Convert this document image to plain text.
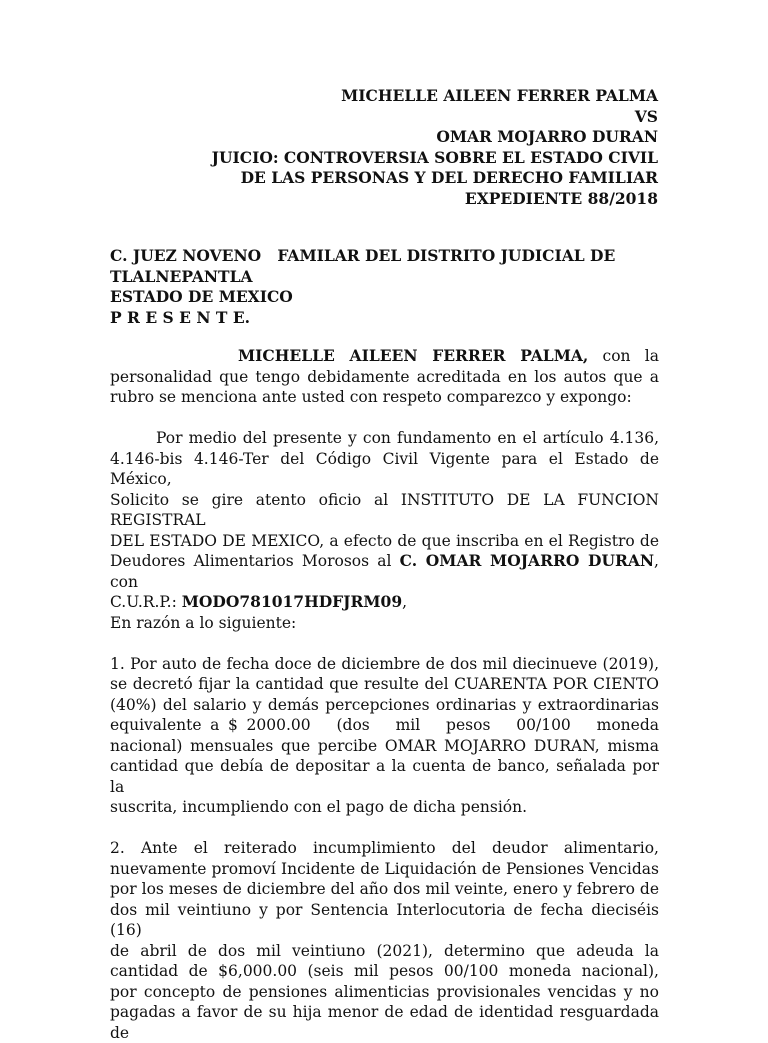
MICHELLE AILEEN FERRER PALMA
VS
OMAR MOJARRO DURAN
JUICIO: CONTROVERSIA SOBRE EL ESTADO CIVIL
DE LAS PERSONAS Y DEL DERECHO FAMILIAR
EXPEDIENTE 88/2018
C. JUEZ NOVENO   FAMILAR DEL DISTRITO JUDICIAL DE
TLALNEPANTLA
ESTADO DE MEXICO
P R E S E N T E.

MICHELLE AILEEN FERRER PALMA, con la
personalidad que tengo debidamente acreditada en los autos que a
rubro se menciona ante usted con respeto comparezco y expongo:

Por medio del presente y con fundamento en el artículo 4.136,
4.146-bis 4.146-Ter del Código Civil Vigente para el Estado de México,
Solicito se gire atento oficio al INSTITUTO DE LA FUNCION REGISTRAL
DEL ESTADO DE MEXICO, a efecto de que inscriba en el Registro de
Deudores Alimentarios Morosos al C. OMAR MOJARRO DURAN, con
C.U.R.P.: MODO781017HDFJRM09,
En razón a lo siguiente:

1. Por auto de fecha doce de diciembre de dos mil diecinueve (2019),
se decretó fijar la cantidad que resulte del CUARENTA POR CIENTO
(40%) del salario y demás percepciones ordinarias y extraordinarias
equivalente a $ 2000.00   (dos   mil   pesos   00/100   moneda
nacional) mensuales que percibe OMAR MOJARRO DURAN, misma
cantidad que debía de depositar a la cuenta de banco, señalada por la
suscrita, incumpliendo con el pago de dicha pensión.

2. Ante el reiterado incumplimiento del deudor alimentario,
nuevamente promoví Incidente de Liquidación de Pensiones Vencidas
por los meses de diciembre del año dos mil veinte, enero y febrero de
dos mil veintiuno y por Sentencia Interlocutoria de fecha dieciséis (16)
de abril de dos mil veintiuno (2021), determino que adeuda la
cantidad de $6,000.00 (seis mil pesos 00/100 moneda nacional),
por concepto de pensiones alimenticias provisionales vencidas y no
pagadas a favor de su hija menor de edad de identidad resguardada de
